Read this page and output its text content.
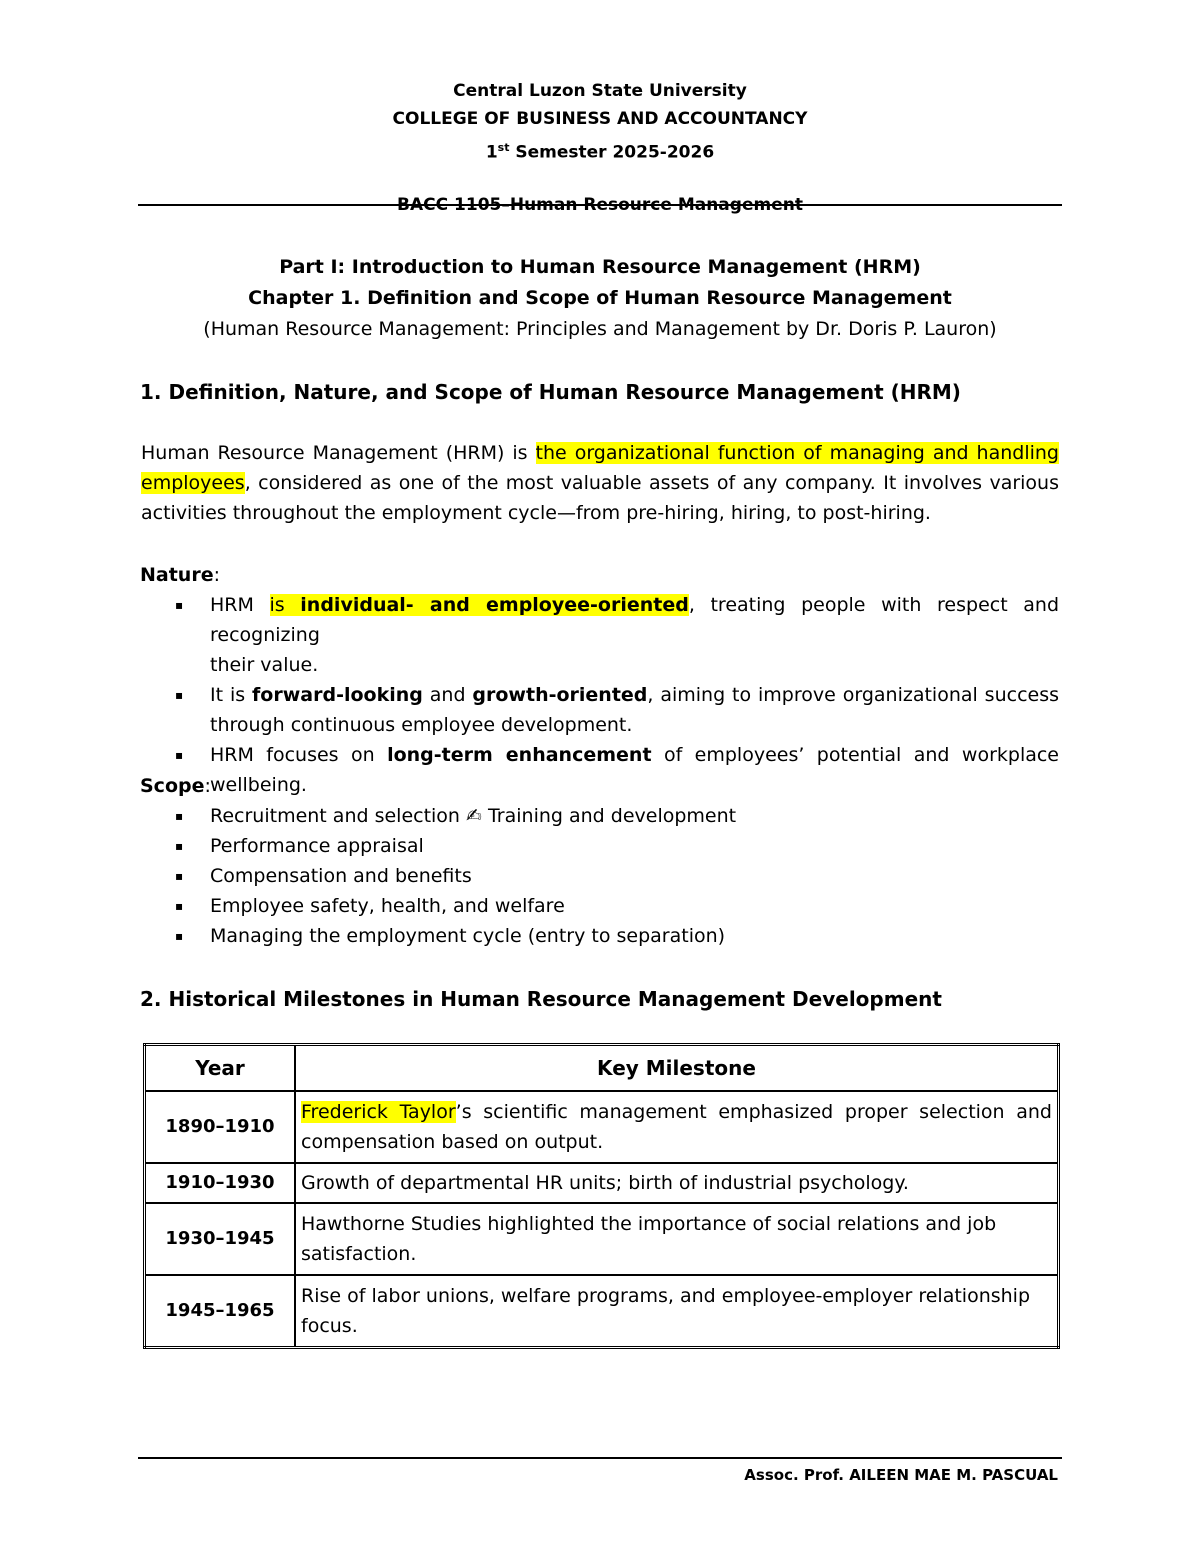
Central Luzon State University
COLLEGE OF BUSINESS AND ACCOUNTANCY
1st Semester 2025-2026
BACC 1105–Human Resource Management
Part I: Introduction to Human Resource Management (HRM)
Chapter 1. Definition and Scope of Human Resource Management
(Human Resource Management: Principles and Management by Dr. Doris P. Lauron)
1. Definition, Nature, and Scope of Human Resource Management (HRM)
Human Resource Management (HRM) is the organizational function of managing and handling
employees, considered as one of the most valuable assets of any company. It involves various
activities throughout the employment cycle—from pre-hiring, hiring, to post-hiring.
Nature:
▪ HRM is individual- and employee-oriented, treating people with respect and recognizing
their value.
▪ It is forward-looking and growth-oriented, aiming to improve organizational success
through continuous employee development.
▪ HRM focuses on long-term enhancement of employees’ potential and workplace
wellbeing.
Scope:
▪ Recruitment and selection ✍ Training and development
▪ Performance appraisal
▪ Compensation and benefits
▪ Employee safety, health, and welfare
▪ Managing the employment cycle (entry to separation)
2. Historical Milestones in Human Resource Management Development
Year	Key Milestone
1890–1910	Frederick Taylor’s scientific management emphasized proper selection and
compensation based on output.

1910–1930	Growth of departmental HR units; birth of industrial psychology.
1930–1945	Hawthorne Studies highlighted the importance of social relations and job satisfaction.
1945–1965	Rise of labor unions, welfare programs, and employee-employer relationship focus.
Assoc. Prof. AILEEN MAE M. PASCUAL
